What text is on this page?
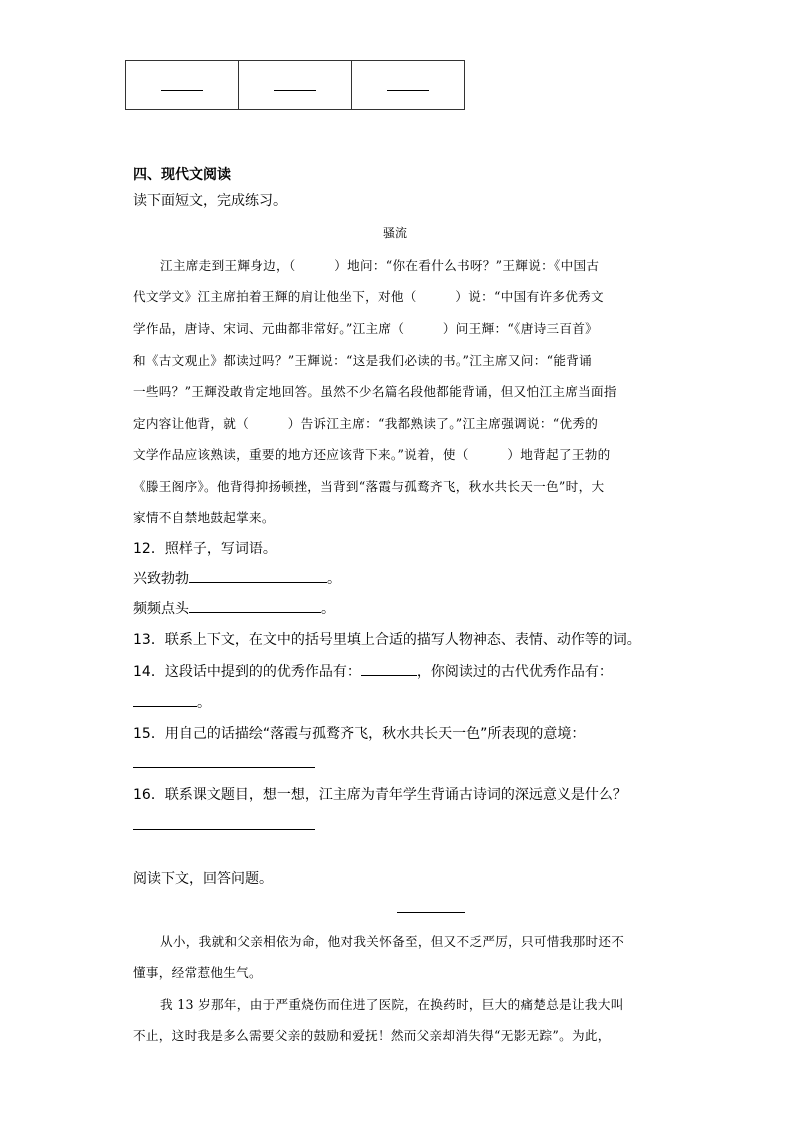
四、现代文阅读
读下面短文，完成练习。
骚流
江主席走到王輝身边，（　　　）地问：“你在看什么书呀？”王輝说：《中国古
代文学文》江主席拍着王輝的肩让他坐下，对他（　　　）说：“中国有许多优秀文
学作品，唐诗、宋词、元曲都非常好。”江主席（　　　）问王輝：“《唐诗三百首》
和《古文观止》都读过吗？”王輝说：“这是我们必读的书。”江主席又问：“能背诵
一些吗？”王輝没敢肯定地回答。虽然不少名篇名段他都能背诵，但又怕江主席当面指
定内容让他背，就（　　　）告诉江主席：“我都熟读了。”江主席强调说：“优秀的
文学作品应该熟读，重要的地方还应该背下来。”说着，使（　　　）地背起了王勃的
《滕王阁序》。他背得抑扬顿挫，当背到“落霞与孤鹜齐飞，秋水共长天一色”时，大
家情不自禁地鼓起掌来。
12．照样子，写词语。
兴致勃勃	。
频频点头	。
13．联系上下文，在文中的括号里填上合适的描写人物神态、表情、动作等的词。
14．这段话中提到的的优秀作品有：	，你阅读过的古代优秀作品有：
。
15．用自己的话描绘“落霞与孤鹜齐飞，秋水共长天一色”所表现的意境：
16．联系课文题目，想一想，江主席为青年学生背诵古诗词的深远意义是什么？
阅读下文，回答问题。
从小，我就和父亲相依为命，他对我关怀备至，但又不乏严厉，只可惜我那时还不
懂事，经常惹他生气。
我 13 岁那年，由于严重烧伤而住进了医院，在换药时，巨大的痛楚总是让我大叫
不止，这时我是多么需要父亲的鼓励和爱抚！然而父亲却消失得“无影无踪”。为此，
